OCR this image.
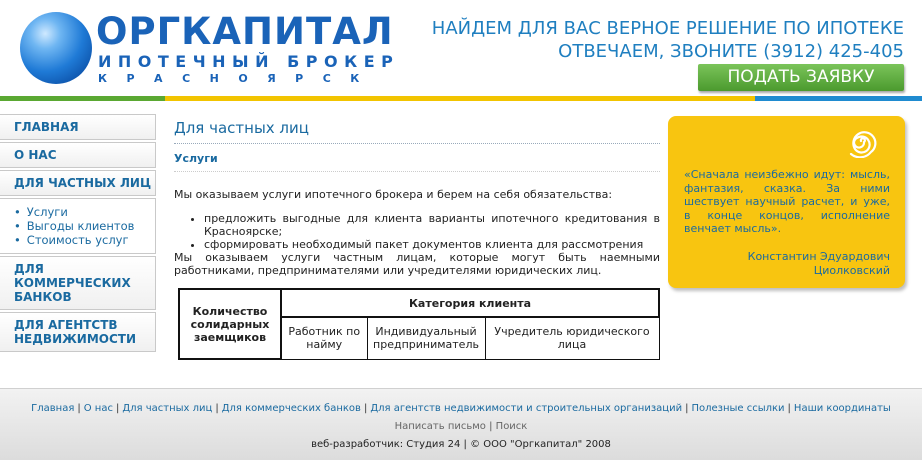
ОРГКАПИТАЛ
ИПОТЕЧНЫЙ БРОКЕР
КРАСНОЯРСК
НАЙДЕМ ДЛЯ ВАС ВЕРНОЕ РЕШЕНИЕ ПО ИПОТЕКЕ
ОТВЕЧАЕМ, ЗВОНИТЕ (3912) 425-405
ПОДАТЬ ЗАЯВКУ
ГЛАВНАЯ
О НАС
ДЛЯ ЧАСТНЫХ ЛИЦ
• Услуги
• Выгоды клиентов
• Стоимость услуг
ДЛЯ
КОММЕРЧЕСКИХ
БАНКОВ
ДЛЯ АГЕНТСТВ
НЕДВИЖИМОСТИ
Для частных лиц
Услуги
Мы оказываем услуги ипотечного брокера и берем на себя обязательства:
• предложить выгодные для клиента варианты ипотечного кредитования в Красноярске;
• сформировать необходимый пакет документов клиента для рассмотрения
Мы оказываем услуги частным лицам, которые могут быть наемными работниками, предпринимателями или учредителями юридических лиц.
Количество солидарных заемщиков	Категория клиента		
	Работник по найму	Индивидуальный предприниматель	Учредитель юридического лица
«Сначала неизбежно идут: мысль, фантазия, сказка. За ними шествует научный расчет, и уже, в конце концов, исполнение венчает мысль».
Константин Эдуардович Циолковский
Главная | О нас | Для частных лиц | Для коммерческих банков | Для агентств недвижимости и строительных организаций | Полезные ссылки | Наши координаты
Написать письмо | Поиск
веб-разработчик: Студия 24 | © ООО "Оргкапитал" 2008
